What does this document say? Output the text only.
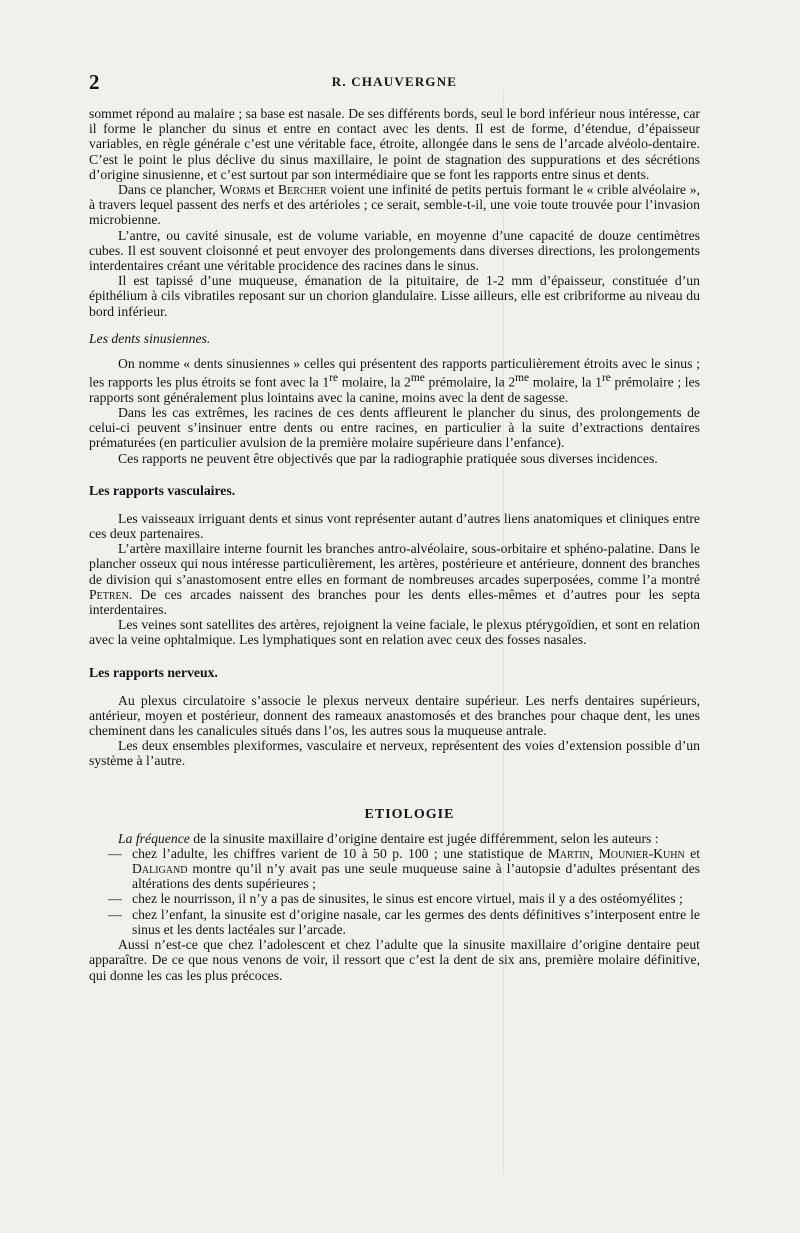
2	R. CHAUVERGNE

sommet répond au malaire ; sa base est nasale. De ses différents bords, seul le bord inférieur nous intéresse, car il forme le plancher du sinus et entre en contact avec les dents. Il est de forme, d’étendue, d’épaisseur variables, en règle générale c’est une véritable face, étroite, allongée dans le sens de l’arcade alvéolo-dentaire. C’est le point le plus déclive du sinus maxillaire, le point de stagnation des suppurations et des sécrétions d’origine sinusienne, et c’est surtout par son intermédiaire que se font les rapports entre sinus et dents.

Dans ce plancher, Worms et Bercher voient une infinité de petits pertuis formant le « crible alvéolaire », à travers lequel passent des nerfs et des artérioles ; ce serait, semble-t-il, une voie toute trouvée pour l’invasion microbienne.

L’antre, ou cavité sinusale, est de volume variable, en moyenne d’une capacité de douze centimètres cubes. Il est souvent cloisonné et peut envoyer des prolongements dans diverses directions, les prolongements interdentaires créant une véritable procidence des racines dans le sinus.

Il est tapissé d’une muqueuse, émanation de la pituitaire, de 1-2 mm d’épaisseur, constituée d’un épithélium à cils vibratiles reposant sur un chorion glandulaire. Lisse ailleurs, elle est cribriforme au niveau du bord inférieur.

Les dents sinusiennes.

On nomme « dents sinusiennes » celles qui présentent des rapports particulièrement étroits avec le sinus ; les rapports les plus étroits se font avec la 1re molaire, la $2^{me}$ prémolaire, la $2^{me}$ molaire, la 1re prémolaire ; les rapports sont généralement plus lointains avec la canine, moins avec la dent de sagesse.

Dans les cas extrêmes, les racines de ces dents affleurent le plancher du sinus, des prolongements de celui-ci peuvent s’insinuer entre dents ou entre racines, en particulier à la suite d’extractions dentaires prématurées (en particulier avulsion de la première molaire supérieure dans l’enfance).

Ces rapports ne peuvent être objectivés que par la radiographie pratiquée sous diverses incidences.

Les rapports vasculaires.

Les vaisseaux irriguant dents et sinus vont représenter autant d’autres liens anatomiques et cliniques entre ces deux partenaires.

L’artère maxillaire interne fournit les branches antro-alvéolaire, sous-orbitaire et sphéno-palatine. Dans le plancher osseux qui nous intéresse particulièrement, les artères, postérieure et antérieure, donnent des branches de division qui s’anastomosent entre elles en formant de nombreuses arcades superposées, comme l’a montré Petren. De ces arcades naissent des branches pour les dents elles-mêmes et d’autres pour les septa interdentaires.

Les veines sont satellites des artères, rejoignent la veine faciale, le plexus ptérygoïdien, et sont en relation avec la veine ophtalmique. Les lymphatiques sont en relation avec ceux des fosses nasales.

Les rapports nerveux.

Au plexus circulatoire s’associe le plexus nerveux dentaire supérieur. Les nerfs dentaires supérieurs, antérieur, moyen et postérieur, donnent des rameaux anastomosés et des branches pour chaque dent, les unes cheminent dans les canalicules situés dans l’os, les autres sous la muqueuse antrale.

Les deux ensembles plexiformes, vasculaire et nerveux, représentent des voies d’extension possible d’un système à l’autre.

ETIOLOGIE

La fréquence de la sinusite maxillaire d’origine dentaire est jugée différemment, selon les auteurs :

— chez l’adulte, les chiffres varient de 10 à 50 p. 100 ; une statistique de Martin, Mounier-Kuhn et Daligand montre qu’il n’y avait pas une seule muqueuse saine à l’autopsie d’adultes présentant des altérations des dents supérieures ;
— chez le nourrisson, il n’y a pas de sinusites, le sinus est encore virtuel, mais il y a des ostéomyélites ;
— chez l’enfant, la sinusite est d’origine nasale, car les germes des dents définitives s’interposent entre le sinus et les dents lactéales sur l’arcade.

Aussi n’est-ce que chez l’adolescent et chez l’adulte que la sinusite maxillaire d’origine dentaire peut apparaître. De ce que nous venons de voir, il ressort que c’est la dent de six ans, première molaire définitive, qui donne les cas les plus précoces.
